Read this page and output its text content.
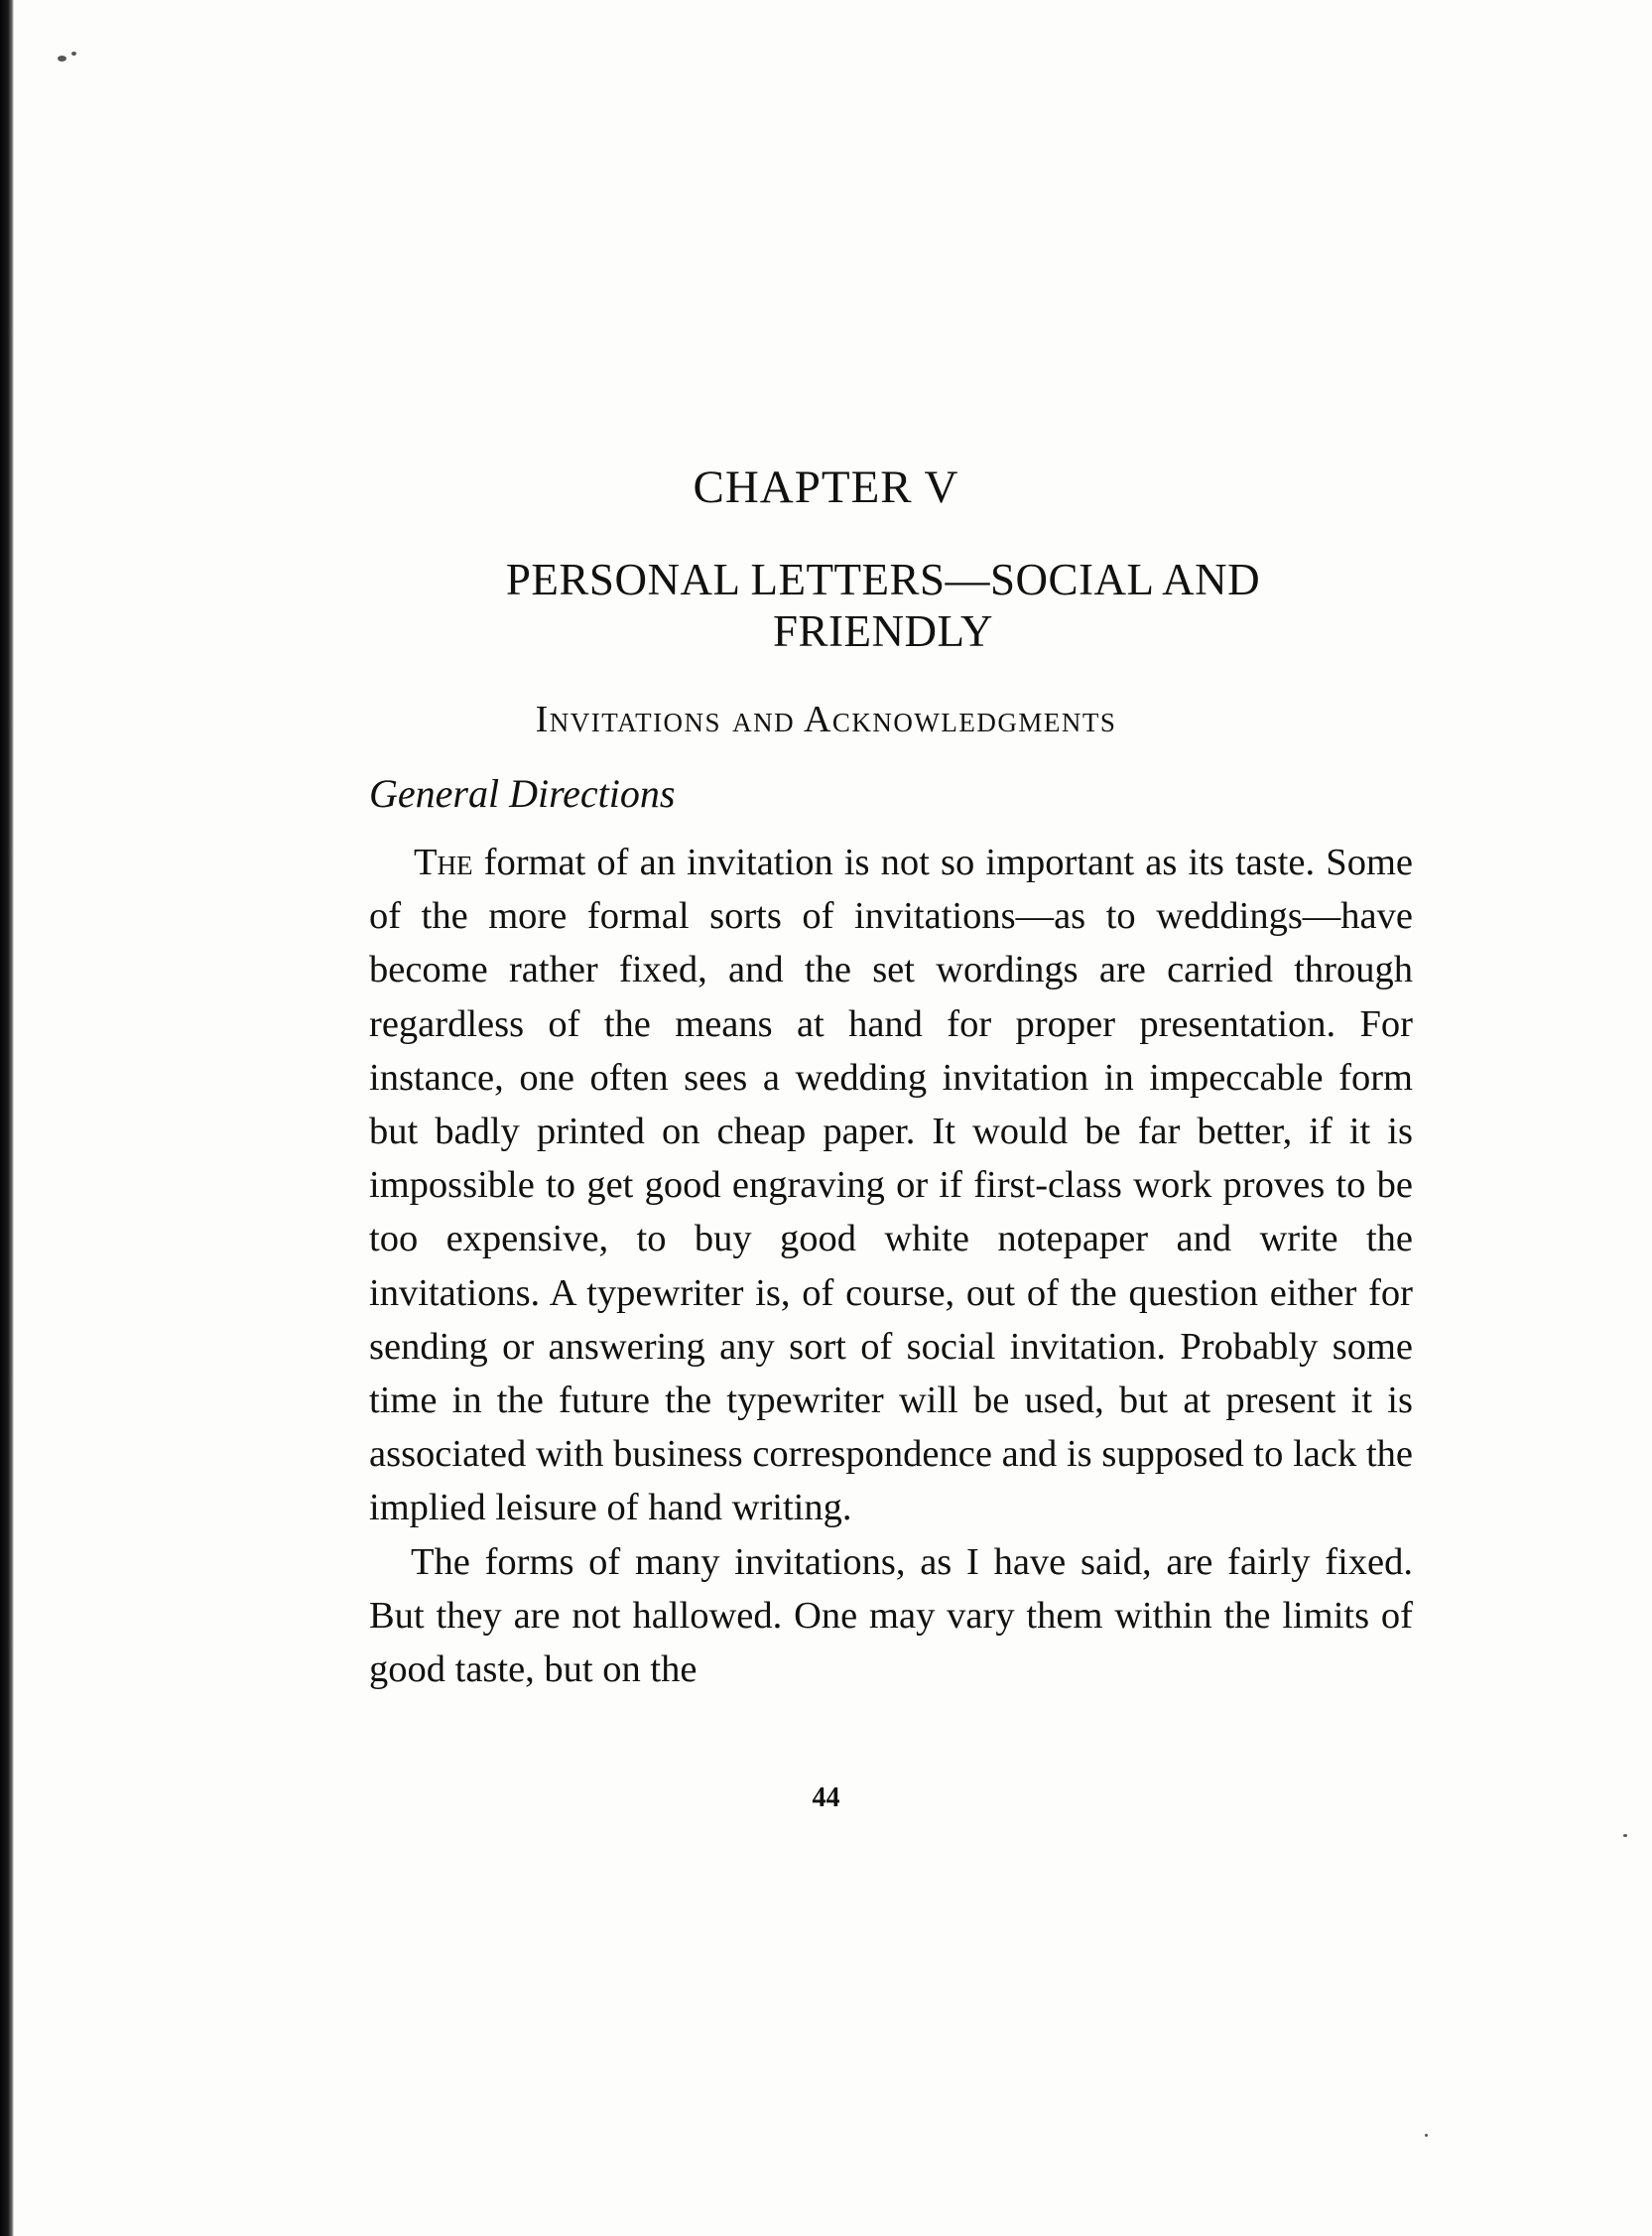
CHAPTER V
PERSONAL LETTERS—SOCIAL AND FRIENDLY
Invitations and Acknowledgments
General Directions

The format of an invitation is not so important as its taste. Some of the more formal sorts of invitations—as to weddings—have become rather fixed, and the set wordings are carried through regardless of the means at hand for proper presentation. For instance, one often sees a wedding invitation in impeccable form but badly printed on cheap paper. It would be far better, if it is impossible to get good engraving or if first-class work proves to be too expensive, to buy good white notepaper and write the invitations. A typewriter is, of course, out of the question either for sending or answering any sort of social invitation. Probably some time in the future the typewriter will be used, but at present it is associated with business correspondence and is supposed to lack the implied leisure of hand writing.

The forms of many invitations, as I have said, are fairly fixed. But they are not hallowed. One may vary them within the limits of good taste, but on the

44
